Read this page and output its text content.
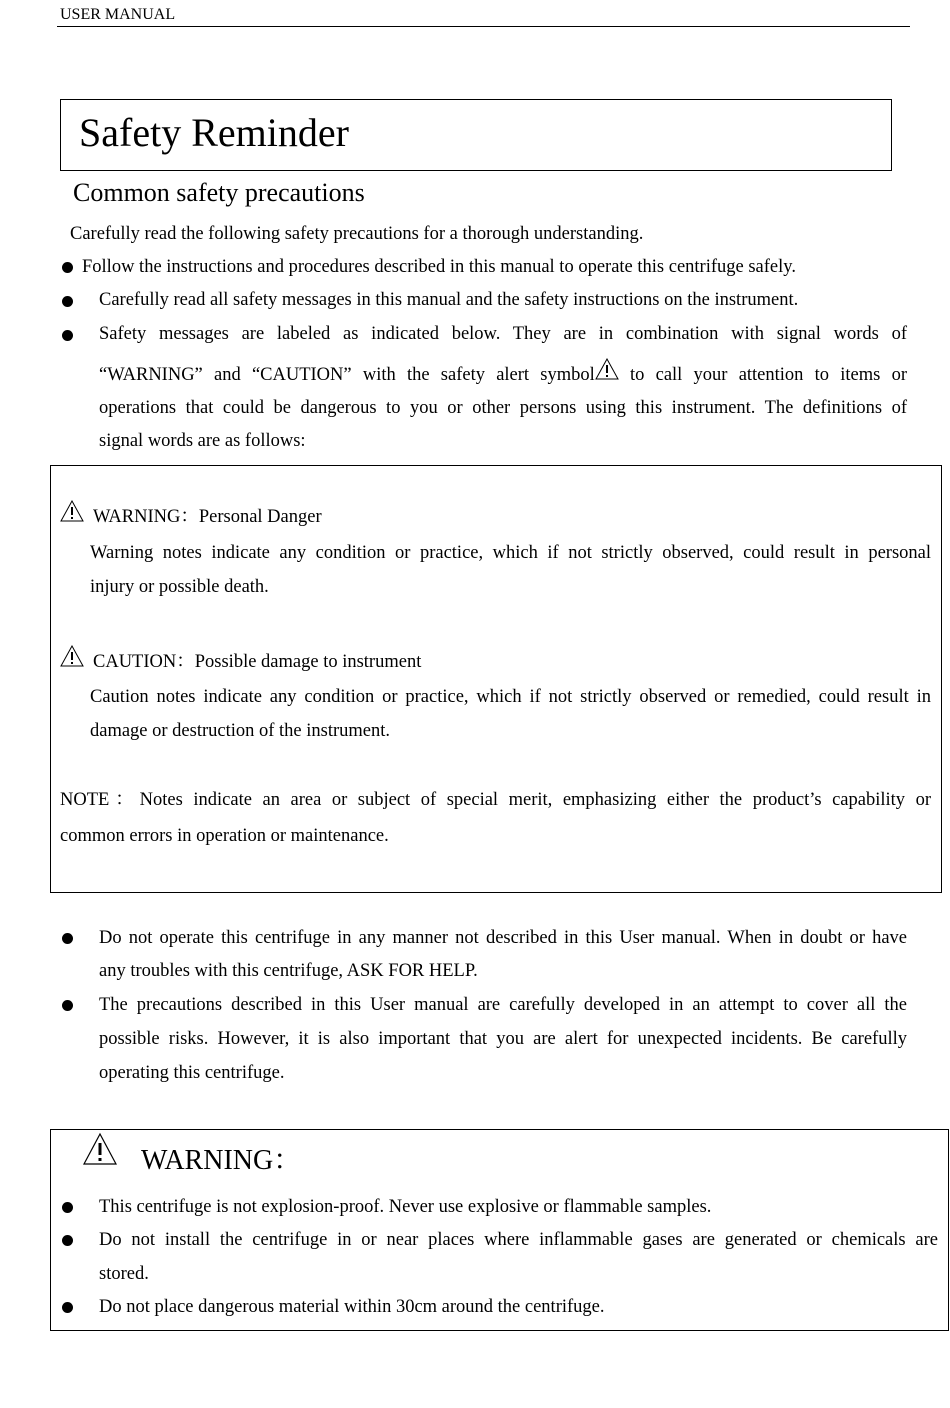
USER MANUAL
Safety Reminder
Common safety precautions
Carefully read the following safety precautions for a thorough understanding.
Follow the instructions and procedures described in this manual to operate this centrifuge safely.
Carefully read all safety messages in this manual and the safety instructions on the instrument.
Safety messages are labeled as indicated below. They are in combination with signal words of
“WARNING” and “CAUTION” with the safety alert symbol to call your attention to items or
operations that could be dangerous to you or other persons using this instrument. The definitions of
signal words are as follows:
WARNING：Personal Danger
Warning notes indicate any condition or practice, which if not strictly observed, could result in personal
injury or possible death.
CAUTION：Possible damage to instrument
Caution notes indicate any condition or practice, which if not strictly observed or remedied, could result in
damage or destruction of the instrument.
NOTE：Notes indicate an area or subject of special merit, emphasizing either the product’s capability or
common errors in operation or maintenance.
Do not operate this centrifuge in any manner not described in this User manual. When in doubt or have
any troubles with this centrifuge, ASK FOR HELP.
The precautions described in this User manual are carefully developed in an attempt to cover all the
possible risks. However, it is also important that you are alert for unexpected incidents. Be carefully
operating this centrifuge.
WARNING：
This centrifuge is not explosion-proof. Never use explosive or flammable samples.
Do not install the centrifuge in or near places where inflammable gases are generated or chemicals are
stored.
Do not place dangerous material within 30cm around the centrifuge.
